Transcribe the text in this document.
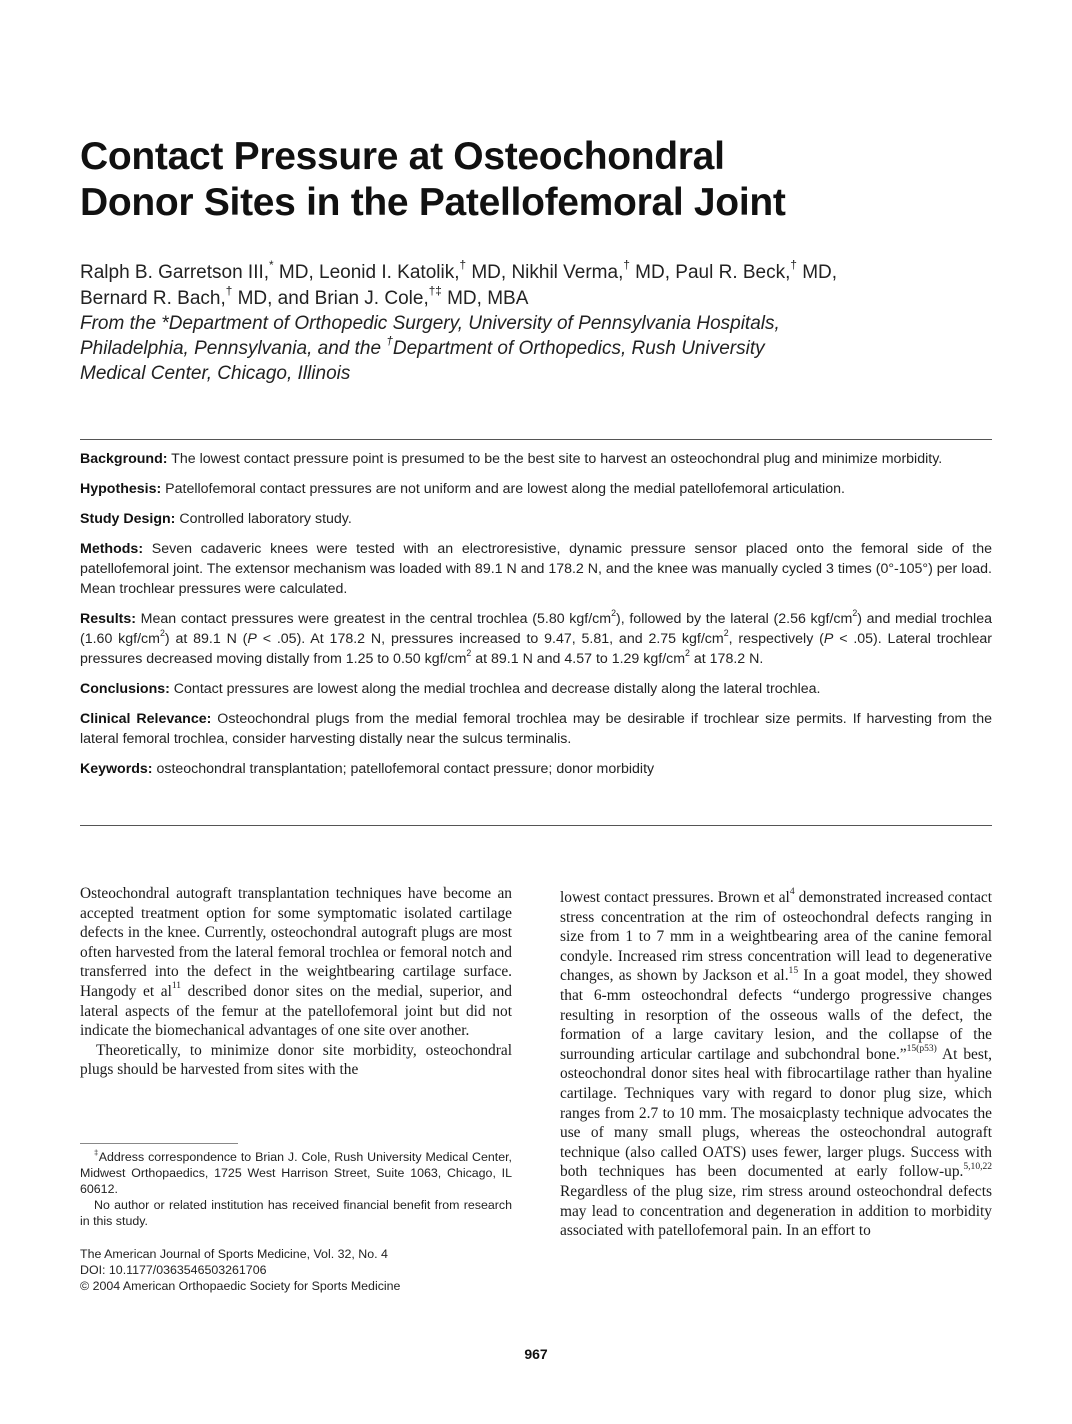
Contact Pressure at Osteochondral
Donor Sites in the Patellofemoral Joint
Ralph B. Garretson III,* MD, Leonid I. Katolik,† MD, Nikhil Verma,† MD, Paul R. Beck,† MD,
Bernard R. Bach,† MD, and Brian J. Cole,†‡ MD, MBA
From the *Department of Orthopedic Surgery, University of Pennsylvania Hospitals,
Philadelphia, Pennsylvania, and the †Department of Orthopedics, Rush University
Medical Center, Chicago, Illinois

Background: The lowest contact pressure point is presumed to be the best site to harvest an osteochondral plug and minimize morbidity.

Hypothesis: Patellofemoral contact pressures are not uniform and are lowest along the medial patellofemoral articulation.

Study Design: Controlled laboratory study.

Methods: Seven cadaveric knees were tested with an electroresistive, dynamic pressure sensor placed onto the femoral side of the patellofemoral joint. The extensor mechanism was loaded with 89.1 N and 178.2 N, and the knee was manually cycled 3 times (0°-105°) per load. Mean trochlear pressures were calculated.

Results: Mean contact pressures were greatest in the central trochlea (5.80 kgf/$cm^2$), followed by the lateral (2.56 kgf/$cm^2$) and medial trochlea (1.60 kgf/$cm^2$) at 89.1 N (P < .05). At 178.2 N, pressures increased to 9.47, 5.81, and 2.75 kgf/$cm^2$, respectively (P < .05). Lateral trochlear pressures decreased moving distally from 1.25 to 0.50 kgf/$cm^2$ at 89.1 N and 4.57 to 1.29 kgf/$cm^2$ at 178.2 N.

Conclusions: Contact pressures are lowest along the medial trochlea and decrease distally along the lateral trochlea.

Clinical Relevance: Osteochondral plugs from the medial femoral trochlea may be desirable if trochlear size permits. If harvesting from the lateral femoral trochlea, consider harvesting distally near the sulcus terminalis.

Keywords: osteochondral transplantation; patellofemoral contact pressure; donor morbidity

Osteochondral autograft transplantation techniques have become an accepted treatment option for some symptomatic isolated cartilage defects in the knee. Currently, osteochondral autograft plugs are most often harvested from the lateral femoral trochlea or femoral notch and transferred into the defect in the weightbearing cartilage surface. Hangody et $al^{11}$ described donor sites on the medial, superior, and lateral aspects of the femur at the patellofemoral joint but did not indicate the biomechanical advantages of one site over another.

Theoretically, to minimize donor site morbidity, osteochondral plugs should be harvested from sites with the

‡Address correspondence to Brian J. Cole, Rush University Medical Center, Midwest Orthopaedics, 1725 West Harrison Street, Suite 1063, Chicago, IL 60612.

No author or related institution has received financial benefit from research in this study.

The American Journal of Sports Medicine, Vol. 32, No. 4
DOI: 10.1177/0363546503261706
© 2004 American Orthopaedic Society for Sports Medicine

lowest contact pressures. Brown et $al^4$ demonstrated increased contact stress concentration at the rim of osteochondral defects ranging in size from 1 to 7 mm in a weightbearing area of the canine femoral condyle. Increased rim stress concentration will lead to degenerative changes, as shown by Jackson et al.$^{15}$ In a goat model, they showed that 6-mm osteochondral defects “undergo progressive changes resulting in resorption of the osseous walls of the defect, the formation of a large cavitary lesion, and the collapse of the surrounding articular cartilage and subchondral bone.”$^{15(p53)}$ At best, osteochondral donor sites heal with fibrocartilage rather than hyaline cartilage. Techniques vary with regard to donor plug size, which ranges from 2.7 to 10 mm. The mosaicplasty technique advocates the use of many small plugs, whereas the osteochondral autograft technique (also called OATS) uses fewer, larger plugs. Success with both techniques has been documented at early follow-up.$^{5,10,22}$ Regardless of the plug size, rim stress around osteochondral defects may lead to concentration and degeneration in addition to morbidity associated with patellofemoral pain. In an effort to

967
